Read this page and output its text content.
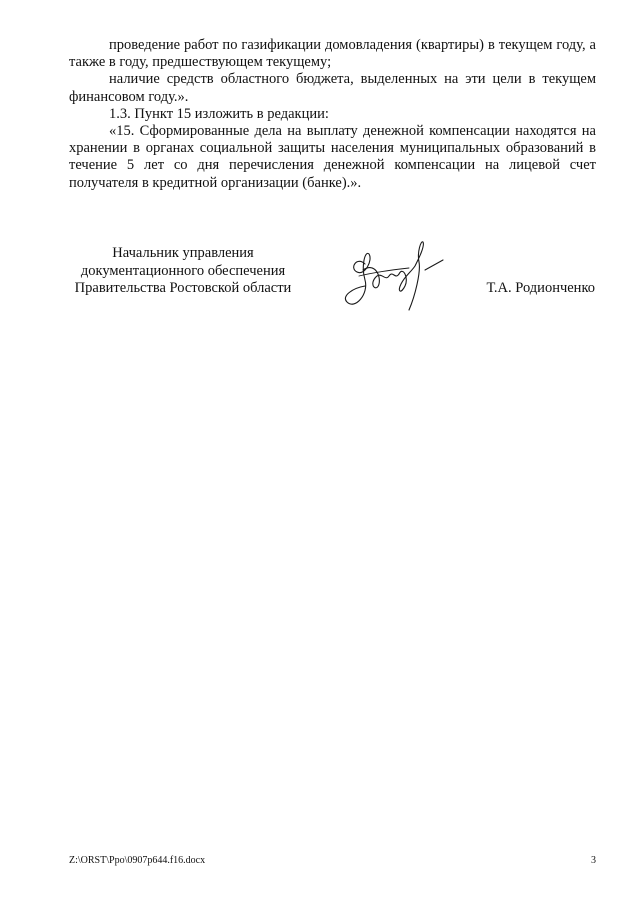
проведение работ по газификации домовладения (квартиры) в текущем году, а также в году, предшествующем текущему;

наличие средств областного бюджета, выделенных на эти цели в текущем финансовом году.».

1.3. Пункт 15 изложить в редакции:

«15. Сформированные дела на выплату денежной компенсации находятся на хранении в органах социальной защиты населения муниципальных образований в течение 5 лет со дня перечисления денежной компенсации на лицевой счет получателя в кредитной организации (банке).».

Начальник управления
документационного обеспечения
Правительства Ростовской области	Т.А. Родионченко
Z:\ORST\Ppo\0907p644.f16.docx	3
